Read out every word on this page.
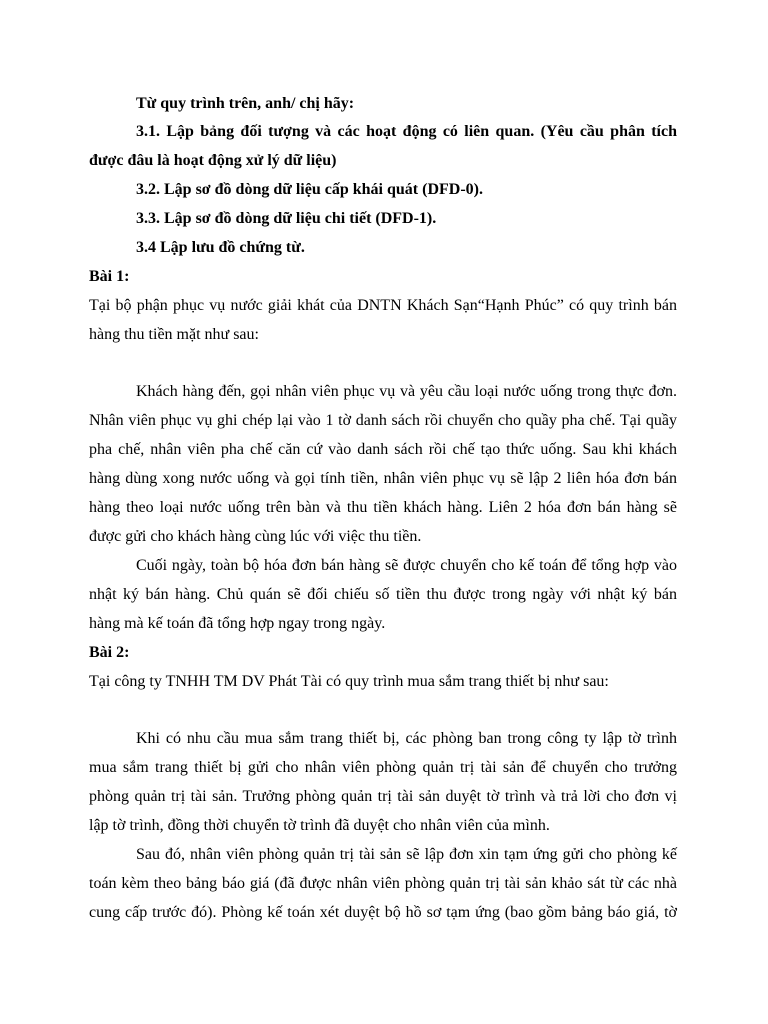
Từ quy trình trên, anh/ chị hãy:
3.1. Lập bảng đối tượng và các hoạt động có liên quan. (Yêu cầu phân tích
được đâu là hoạt động xử lý dữ liệu)
3.2. Lập sơ đồ dòng dữ liệu cấp khái quát (DFD-0).
3.3. Lập sơ đồ dòng dữ liệu chi tiết (DFD-1).
3.4 Lập lưu đồ chứng từ.
Bài 1:
Tại bộ phận phục vụ nước giải khát của DNTN Khách Sạn“Hạnh Phúc” có quy trình bán
hàng thu tiền mặt như sau:
Khách hàng đến, gọi nhân viên phục vụ và yêu cầu loại nước uống trong thực đơn.
Nhân viên phục vụ ghi chép lại vào 1 tờ danh sách rồi chuyển cho quầy pha chế. Tại quầy
pha chế, nhân viên pha chế căn cứ vào danh sách rồi chế tạo thức uống. Sau khi khách
hàng dùng xong nước uống và gọi tính tiền, nhân viên phục vụ sẽ lập 2 liên hóa đơn bán
hàng theo loại nước uống trên bàn và thu tiền khách hàng. Liên 2 hóa đơn bán hàng sẽ
được gửi cho khách hàng cùng lúc với việc thu tiền.
Cuối ngày, toàn bộ hóa đơn bán hàng sẽ được chuyển cho kế toán để tổng hợp vào
nhật ký bán hàng. Chủ quán sẽ đối chiếu số tiền thu được trong ngày với nhật ký bán
hàng mà kế toán đã tổng hợp ngay trong ngày.
Bài 2:
Tại công ty TNHH TM DV Phát Tài có quy trình mua sắm trang thiết bị như sau:
Khi có nhu cầu mua sắm trang thiết bị, các phòng ban trong công ty lập tờ trình
mua sắm trang thiết bị gửi cho nhân viên phòng quản trị tài sản để chuyển cho trưởng
phòng quản trị tài sản. Trưởng phòng quản trị tài sản duyệt tờ trình và trả lời cho đơn vị
lập tờ trình, đồng thời chuyển tờ trình đã duyệt cho nhân viên của mình.
Sau đó, nhân viên phòng quản trị tài sản sẽ lập đơn xin tạm ứng gửi cho phòng kế
toán kèm theo bảng báo giá (đã được nhân viên phòng quản trị tài sản khảo sát từ các nhà
cung cấp trước đó). Phòng kế toán xét duyệt bộ hồ sơ tạm ứng (bao gồm bảng báo giá, tờ
